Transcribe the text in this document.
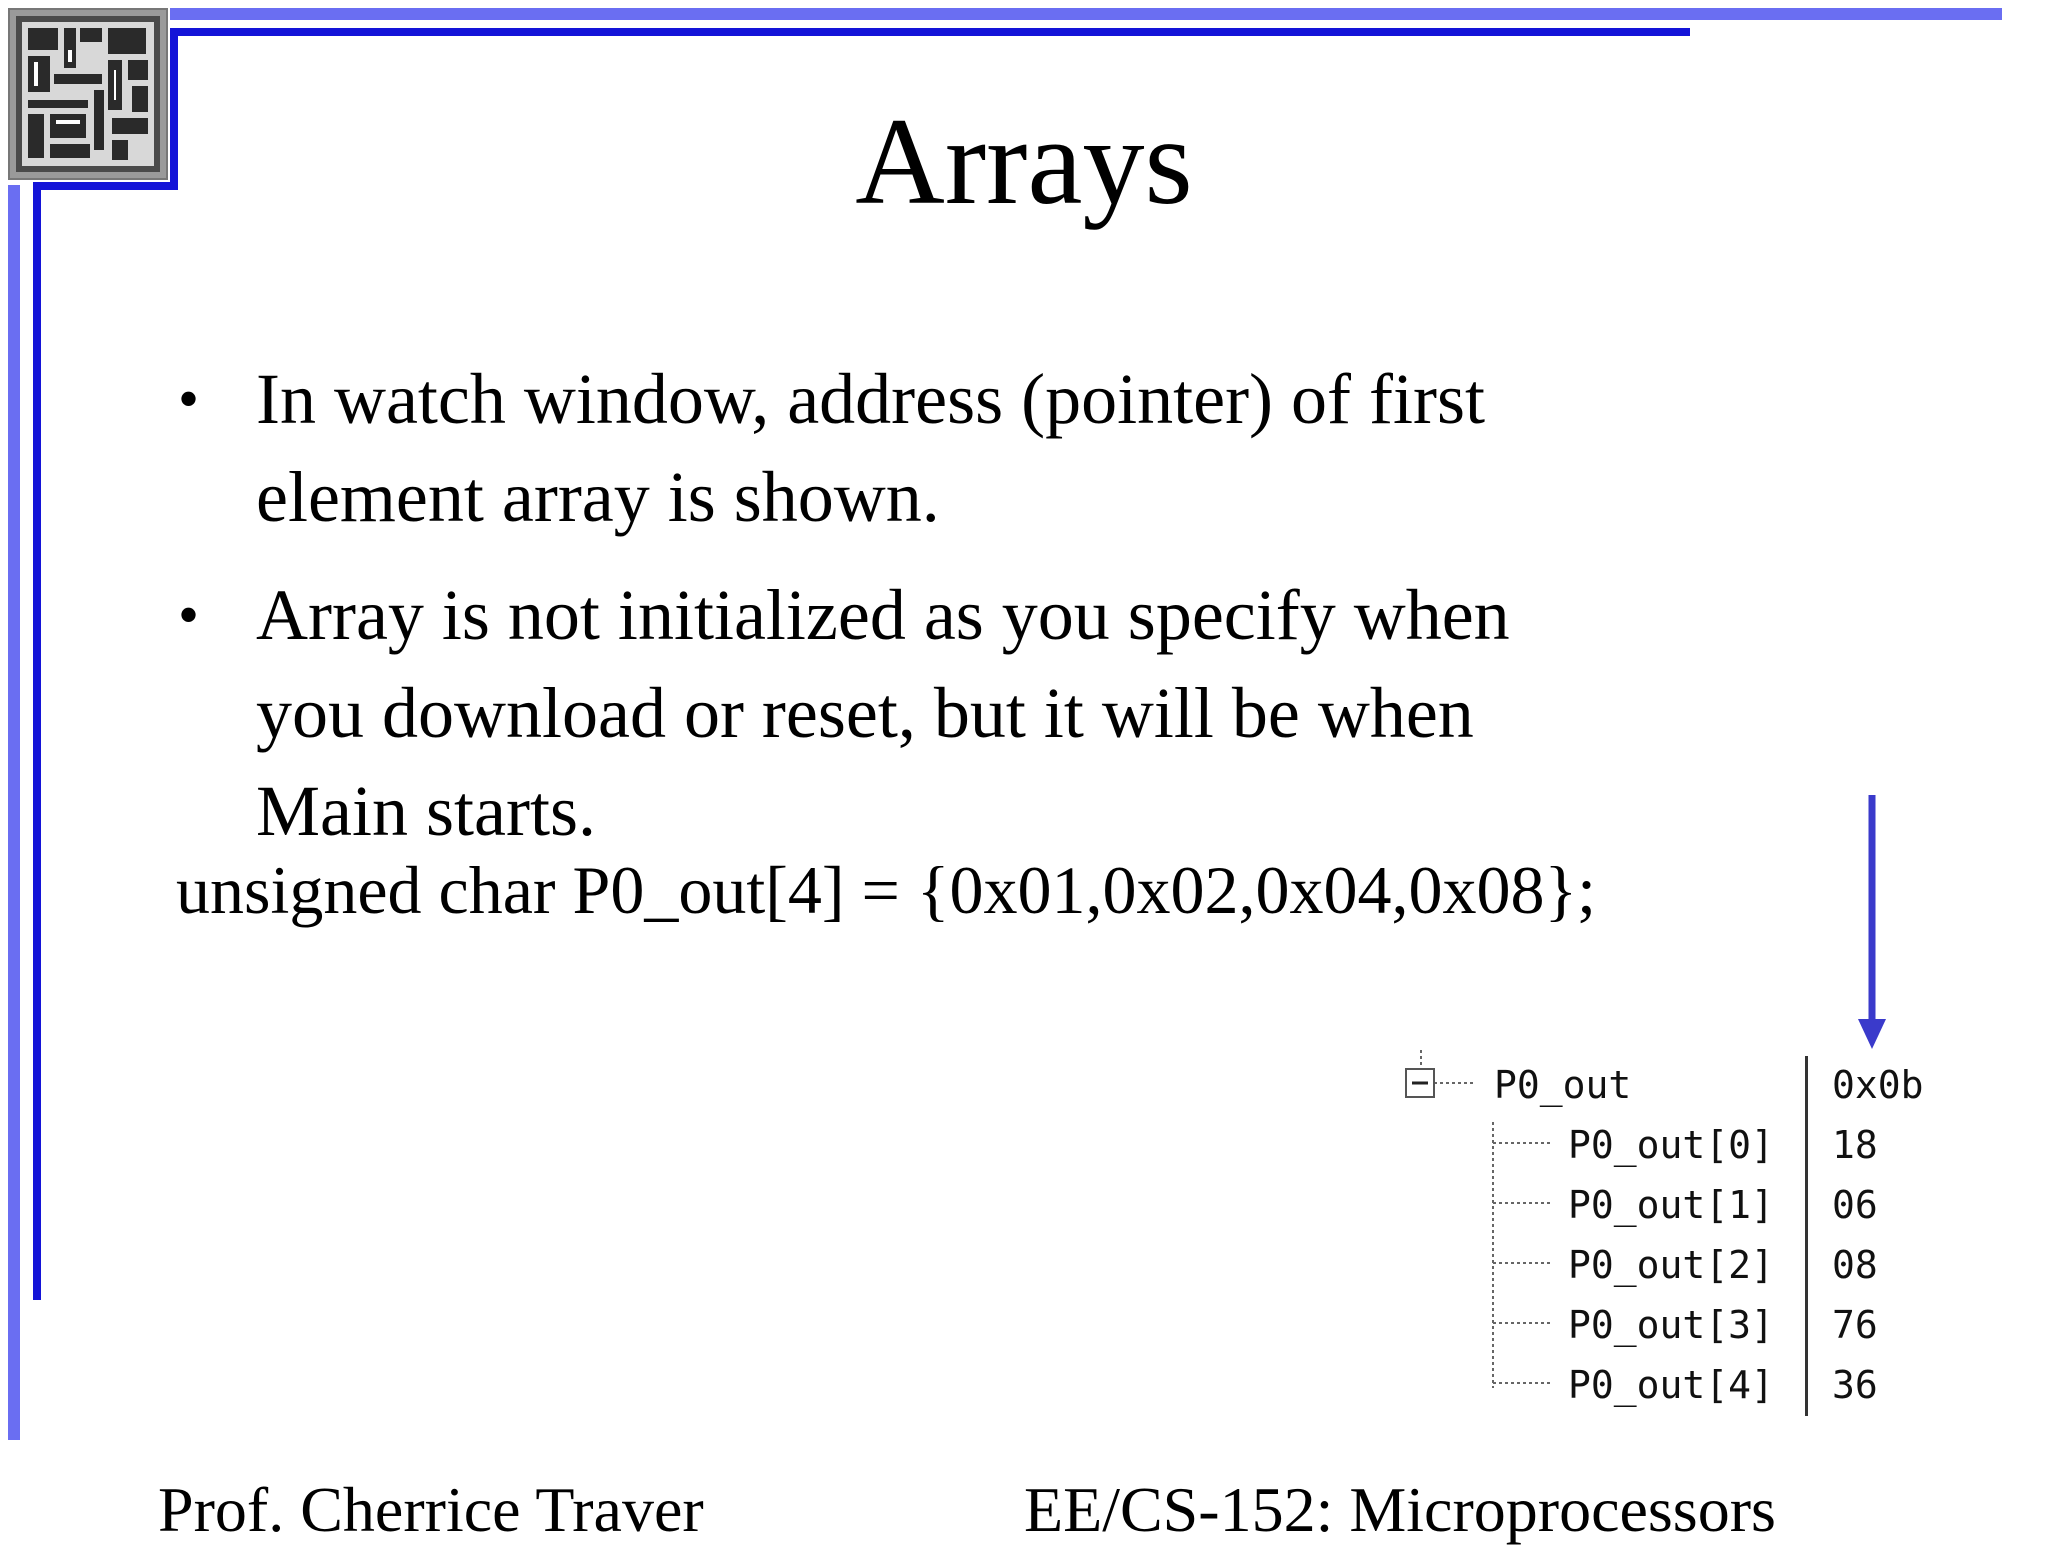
Arrays
• In watch window, address (pointer) of first
element array is shown.
• Array is not initialized as you specify when
you download or reset, but it will be when
Main starts.
unsigned char P0_out[4] = {0x01,0x02,0x04,0x08};
P0_out	0x0b
P0_out[0] 18
P0_out[1] 06
P0_out[2] 08
P0_out[3] 76
P0_out[4] 36
Prof. Cherrice Traver	EE/CS-152: Microprocessors
